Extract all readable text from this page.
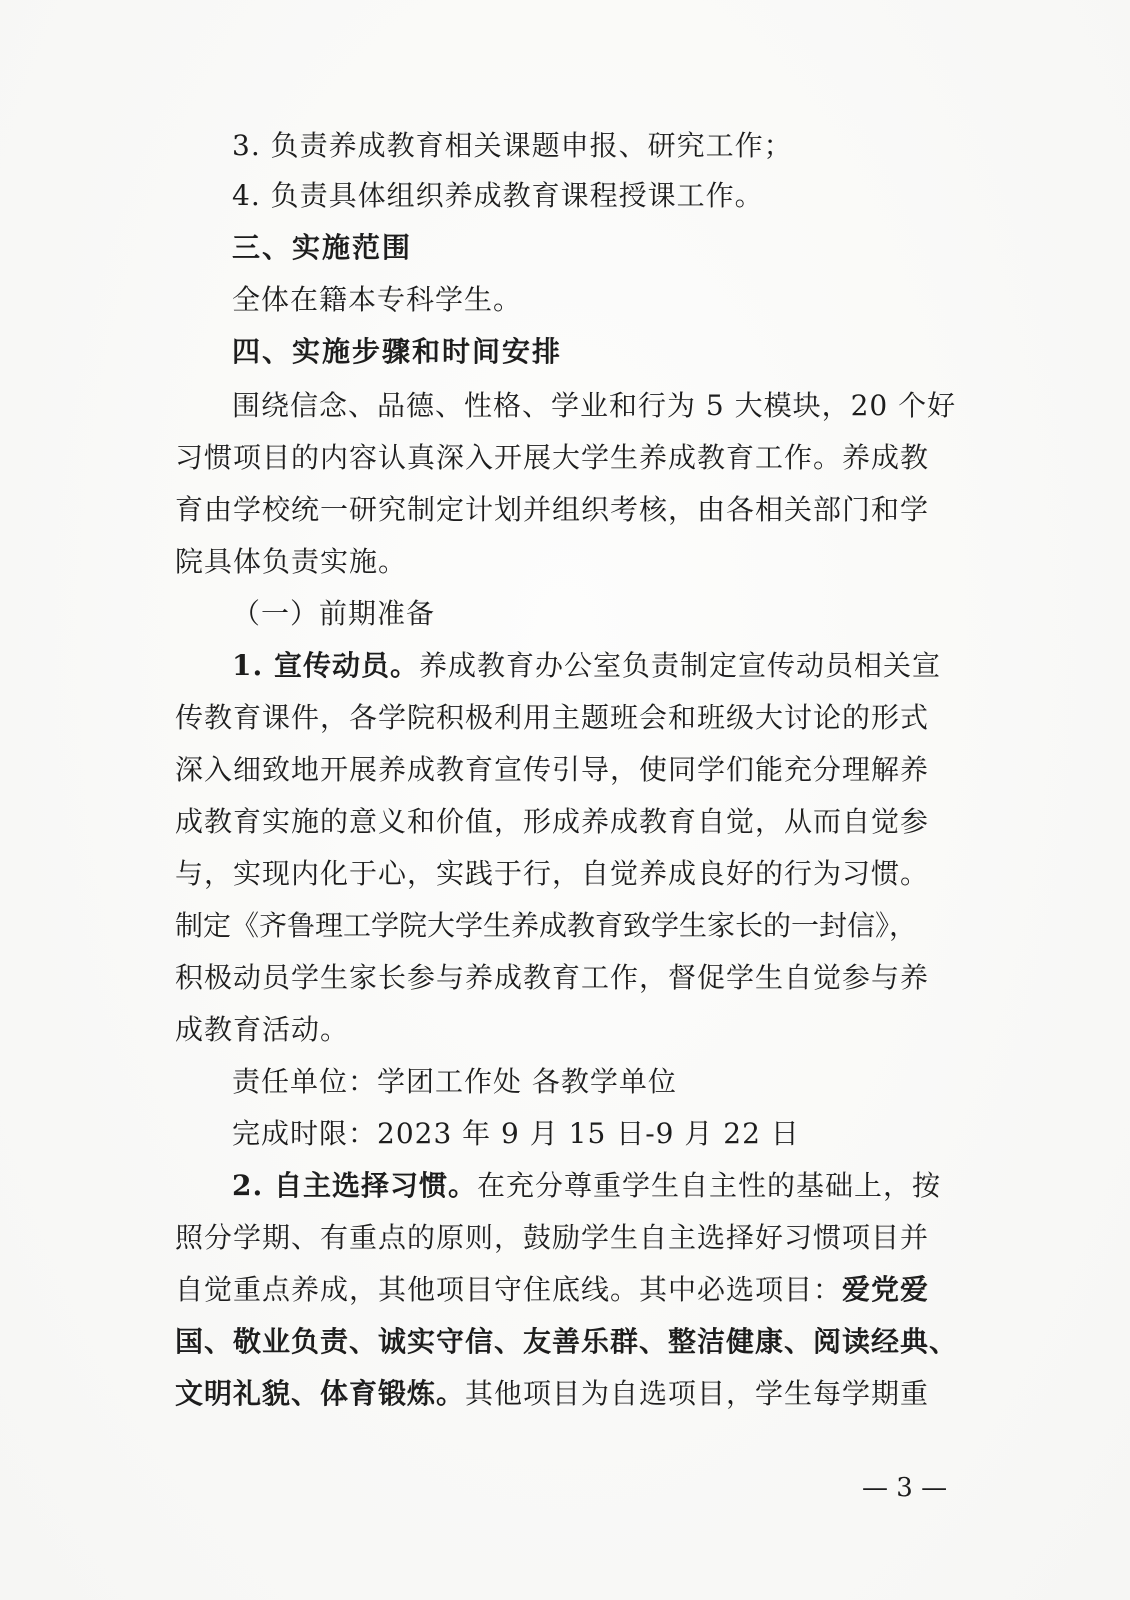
3. 负责养成教育相关课题申报、研究工作；
4. 负责具体组织养成教育课程授课工作。
三、实施范围
全体在籍本专科学生。
四、实施步骤和时间安排
围绕信念、品德、性格、学业和行为 5 大模块，20 个好
习惯项目的内容认真深入开展大学生养成教育工作。养成教
育由学校统一研究制定计划并组织考核，由各相关部门和学
院具体负责实施。
（一）前期准备
1. 宣传动员。养成教育办公室负责制定宣传动员相关宣
传教育课件，各学院积极利用主题班会和班级大讨论的形式
深入细致地开展养成教育宣传引导，使同学们能充分理解养
成教育实施的意义和价值，形成养成教育自觉，从而自觉参
与，实现内化于心，实践于行，自觉养成良好的行为习惯。
制定《齐鲁理工学院大学生养成教育致学生家长的一封信》，
积极动员学生家长参与养成教育工作，督促学生自觉参与养
成教育活动。
责任单位：学团工作处 各教学单位
完成时限：2023 年 9 月 15 日-9 月 22 日
2. 自主选择习惯。在充分尊重学生自主性的基础上，按
照分学期、有重点的原则，鼓励学生自主选择好习惯项目并
自觉重点养成，其他项目守住底线。其中必选项目：爱党爱
国、敬业负责、诚实守信、友善乐群、整洁健康、阅读经典、
文明礼貌、体育锻炼。其他项目为自选项目，学生每学期重
— 3 —
